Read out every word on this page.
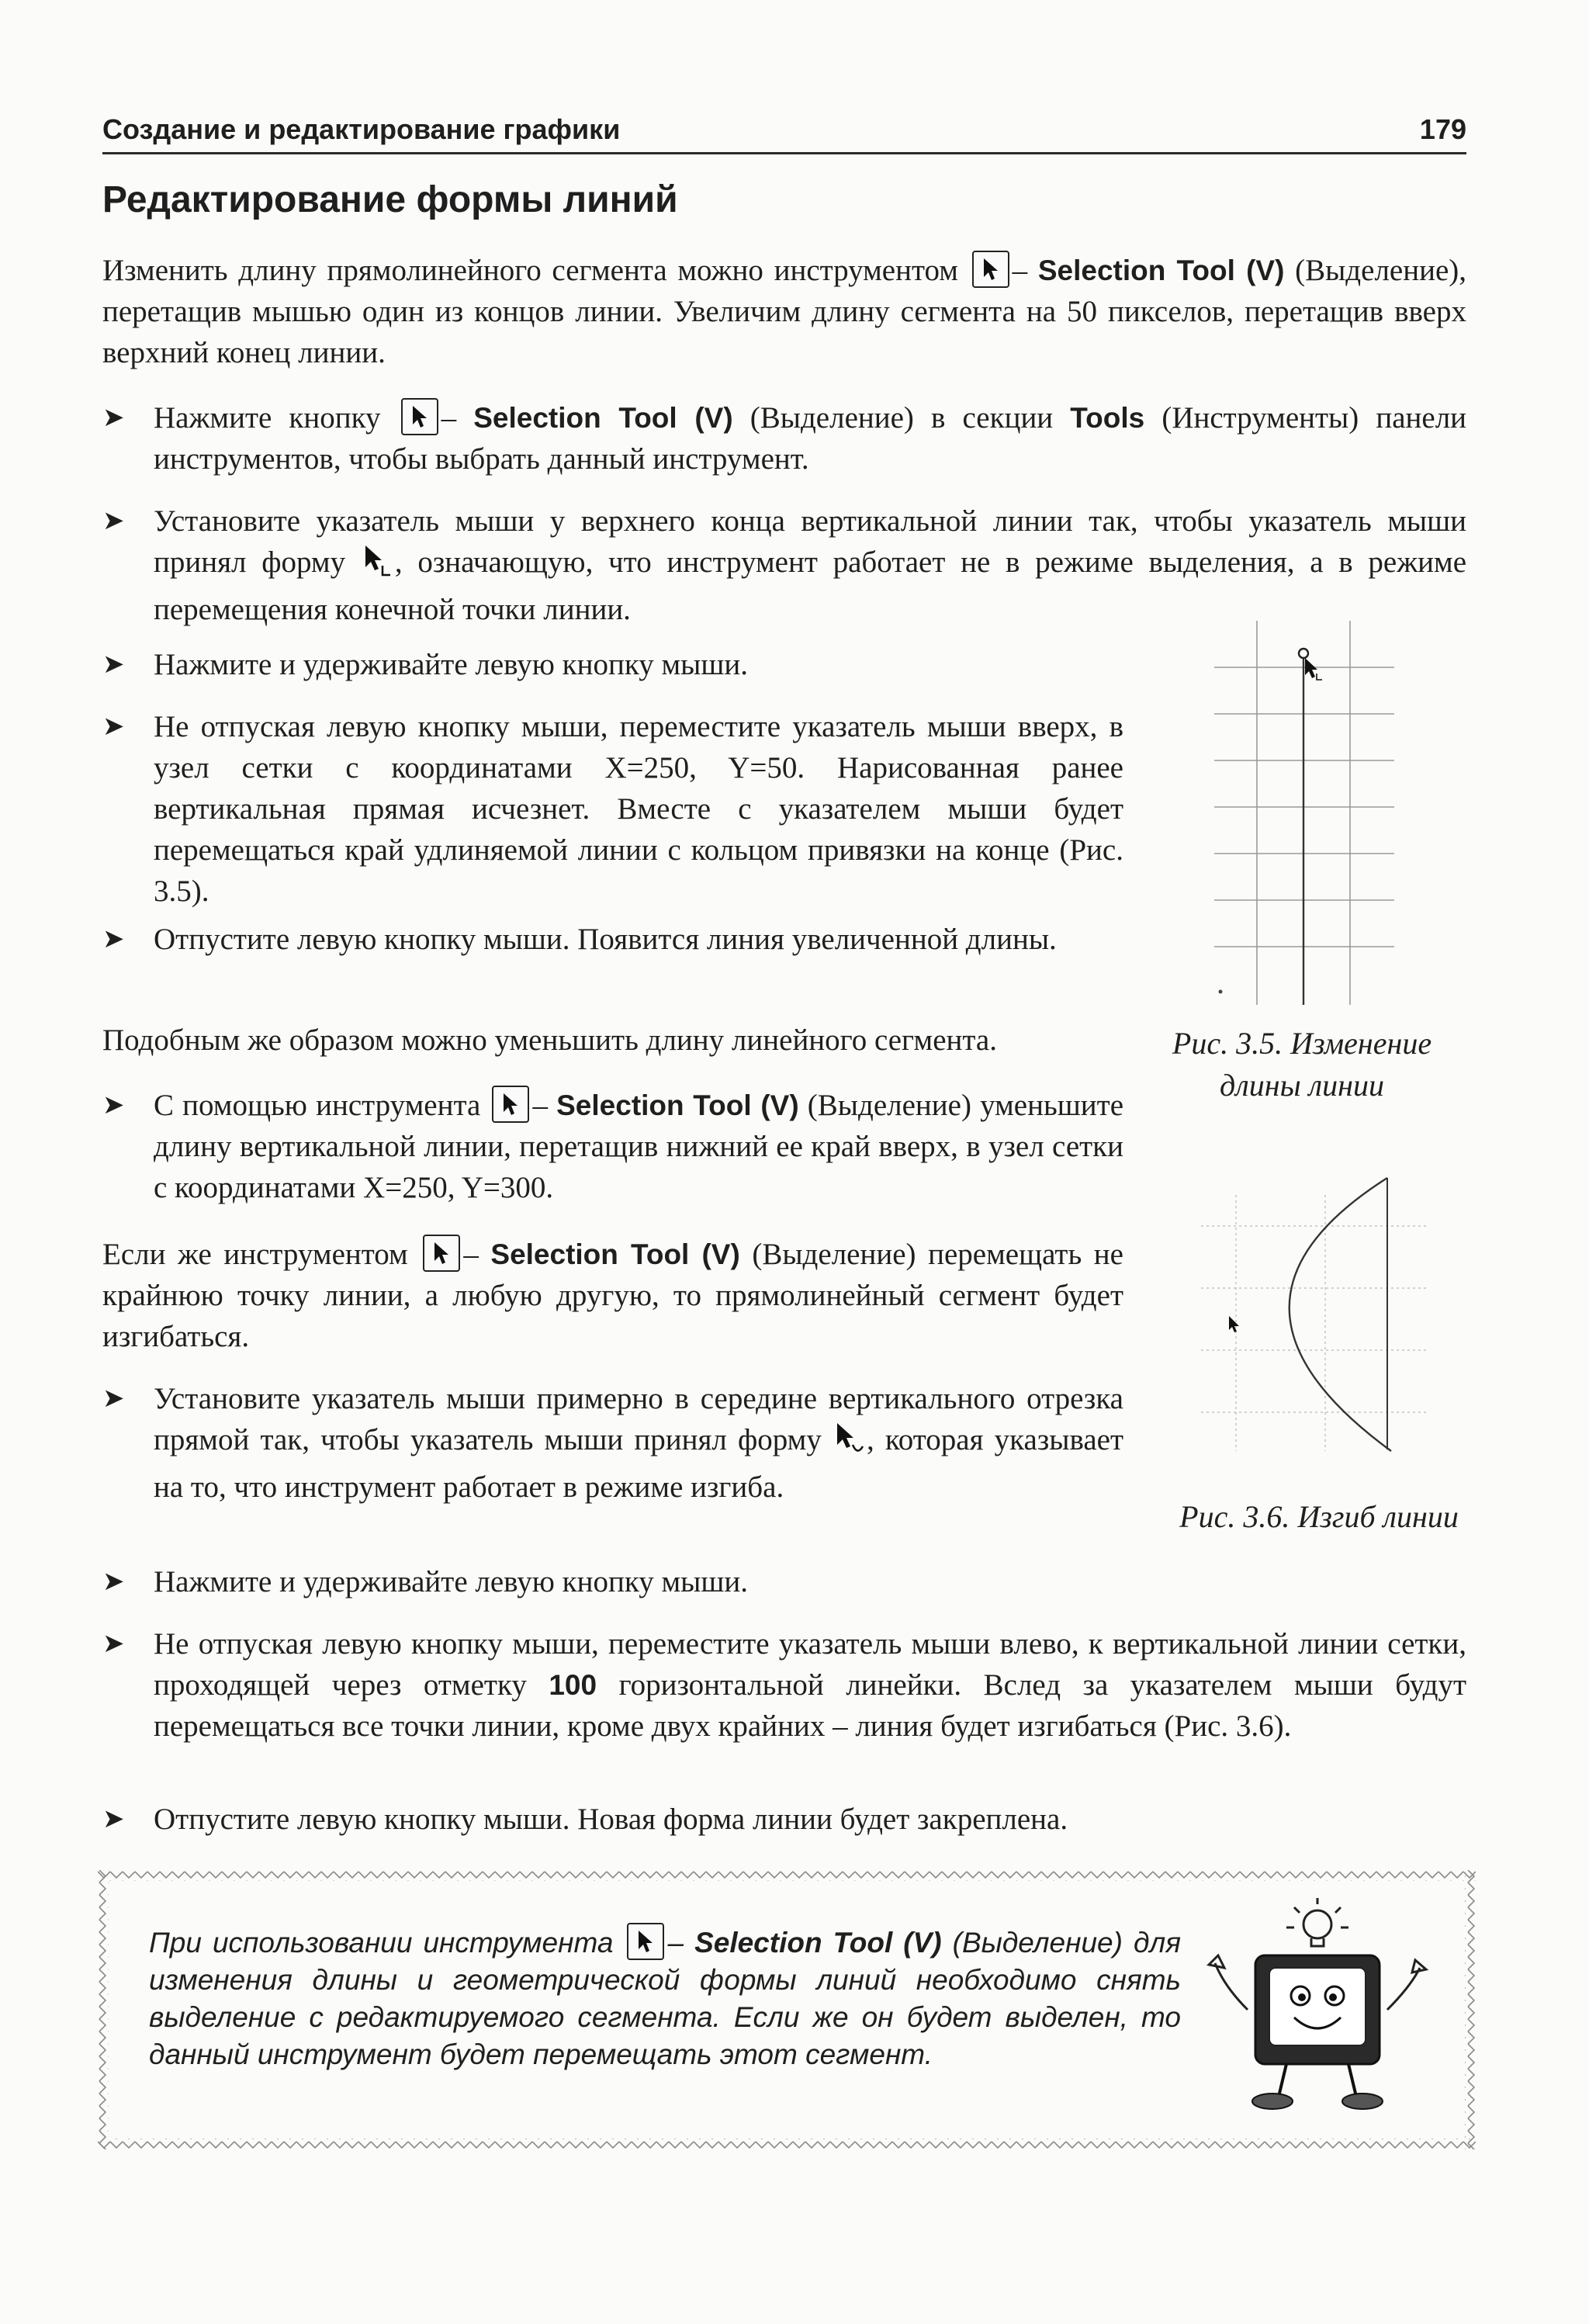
Создание и редактирование графики	179
Редактирование формы линий
Изменить длину прямолинейного сегмента можно инструментом – Selection Tool (V) (Выделение), перетащив мышью один из концов линии. Увеличим длину сегмента на 50 пикселов, перетащив вверх верхний конец линии.
➤ Нажмите кнопку – Selection Tool (V) (Выделение) в секции Tools (Инструменты) панели инструментов, чтобы выбрать данный инструмент.
➤ Установите указатель мыши у верхнего конца вертикальной линии так, чтобы указатель мыши принял форму , означающую, что инструмент работает не в режиме выделения, а в режиме перемещения конечной точки линии.
➤ Нажмите и удерживайте левую кнопку мыши.
➤ Не отпуская левую кнопку мыши, переместите указатель мыши вверх, в узел сетки с координатами X=250, Y=50. Нарисованная ранее вертикальная прямая исчезнет. Вместе с указателем мыши будет перемещаться край удлиняемой линии с кольцом привязки на конце (Рис. 3.5).
➤ Отпустите левую кнопку мыши. Появится линия увеличенной длины.
Подобным же образом можно уменьшить длину линейного сегмента.
➤ С помощью инструмента – Selection Tool (V) (Выделение) уменьшите длину вертикальной линии, перетащив нижний ее край вверх, в узел сетки с координатами X=250, Y=300.
Если же инструментом – Selection Tool (V) (Выделение) перемещать не крайнюю точку линии, а любую другую, то прямолинейный сегмент будет изгибаться.
➤ Установите указатель мыши примерно в середине вертикального отрезка прямой так, чтобы указатель мыши принял форму , которая указывает на то, что инструмент работает в режиме изгиба.
➤ Нажмите и удерживайте левую кнопку мыши.
➤ Не отпуская левую кнопку мыши, переместите указатель мыши влево, к вертикальной линии сетки, проходящей через отметку 100 горизонтальной линейки. Вслед за указателем мыши будут перемещаться все точки линии, кроме двух крайних – линия будет изгибаться (Рис. 3.6).
➤ Отпустите левую кнопку мыши. Новая форма линии будет закреплена.
Рис. 3.5. Изменение длины линии
Рис. 3.6. Изгиб линии
При использовании инструмента – Selection Tool (V) (Выделение) для изменения длины и геометрической формы линий необходимо снять выделение с редактируемого сегмента. Если же он будет выделен, то данный инструмент будет перемещать этот сегмент.
